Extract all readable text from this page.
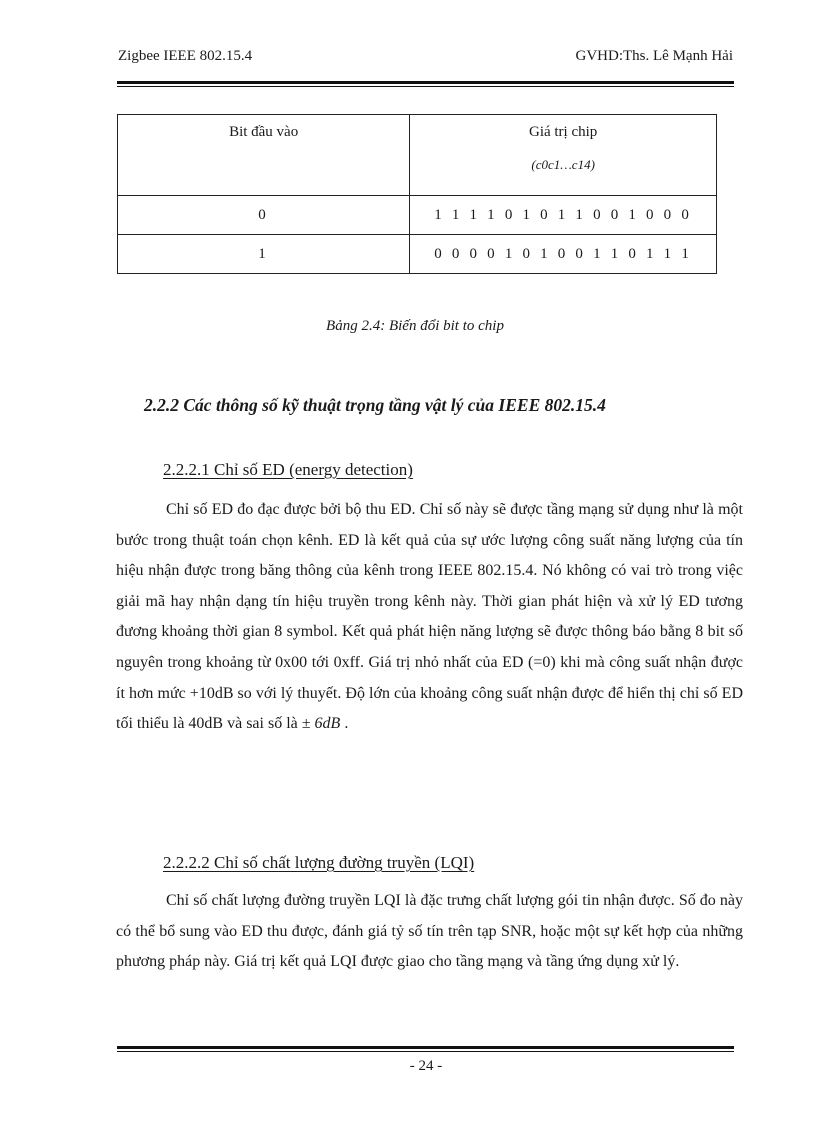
Zigbee IEEE 802.15.4	GVHD:Ths. Lê Mạnh Hải
Bit đầu vào	Giá trị chip
(c0c1…c14)

0	1 1 1 1 0 1 0 1 1 0 0 1 0 0 0
1	0 0 0 0 1 0 1 0 0 1 1 0 1 1 1
Bảng 2.4: Biến đổi bit to chip
2.2.2 Các thông số kỹ thuật trọng tầng vật lý của IEEE 802.15.4
2.2.2.1 Chỉ số ED (energy detection)

Chỉ số ED đo đạc được bởi bộ thu ED. Chỉ số này sẽ được tầng mạng sử dụng như là một bước trong thuật toán chọn kênh. ED là kết quả của sự ước lượng công suất năng lượng của tín hiệu nhận được trong băng thông của kênh trong IEEE 802.15.4. Nó không có vai trò trong việc giải mã hay nhận dạng tín hiệu truyền trong kênh này. Thời gian phát hiện và xử lý ED tương đương khoảng thời gian 8 symbol. Kết quả phát hiện năng lượng sẽ được thông báo bằng 8 bit số nguyên trong khoảng từ 0x00 tới 0xff. Giá trị nhỏ nhất của ED (=0) khi mà công suất nhận được ít hơn mức +10dB so với lý thuyết. Độ lớn của khoảng công suất nhận được để hiển thị chỉ số ED tối thiểu là 40dB và sai số là ± 6dB .

2.2.2.2 Chỉ số chất lượng đường truyền (LQI)

Chỉ số chất lượng đường truyền LQI là đặc trưng chất lượng gói tin nhận được. Số đo này có thể bổ sung vào ED thu được, đánh giá tỷ số tín trên tạp SNR, hoặc một sự kết hợp của những phương pháp này. Giá trị kết quả LQI được giao cho tầng mạng và tầng ứng dụng xử lý.

- 24 -
